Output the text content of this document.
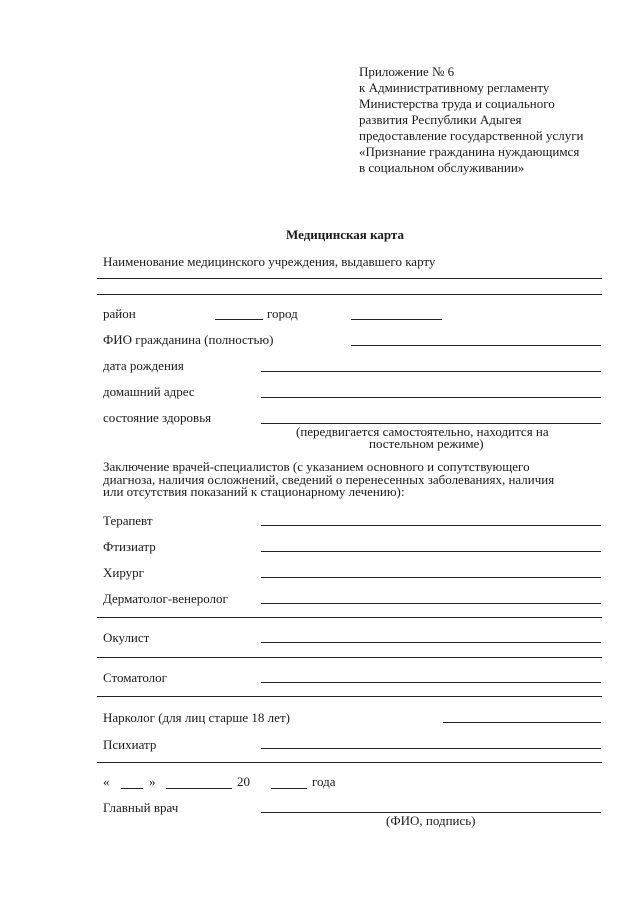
Приложение № 6
к Административному регламенту
Министерства труда и социального
развития Республики Адыгея
предоставление государственной услуги
«Признание гражданина нуждающимся
в социальном обслуживании»
Медицинская карта
Наименование медицинского учреждения, выдавшего карту
район	город
ФИО гражданина (полностью)
дата рождения
домашний адрес
состояние здоровья
(передвигается самостоятельно, находится на
постельном режиме)
Заключение врачей-специалистов (с указанием основного и сопутствующего
диагноза, наличия осложнений, сведений о перенесенных заболеваниях, наличия
или отсутствия показаний к стационарному лечению):
Терапевт
Фтизиатр
Хирург
Дерматолог-венеролог
Окулист
Стоматолог
Нарколог (для лиц старше 18 лет)
Психиатр
«	»	20	года
Главный врач
(ФИО, подпись)
